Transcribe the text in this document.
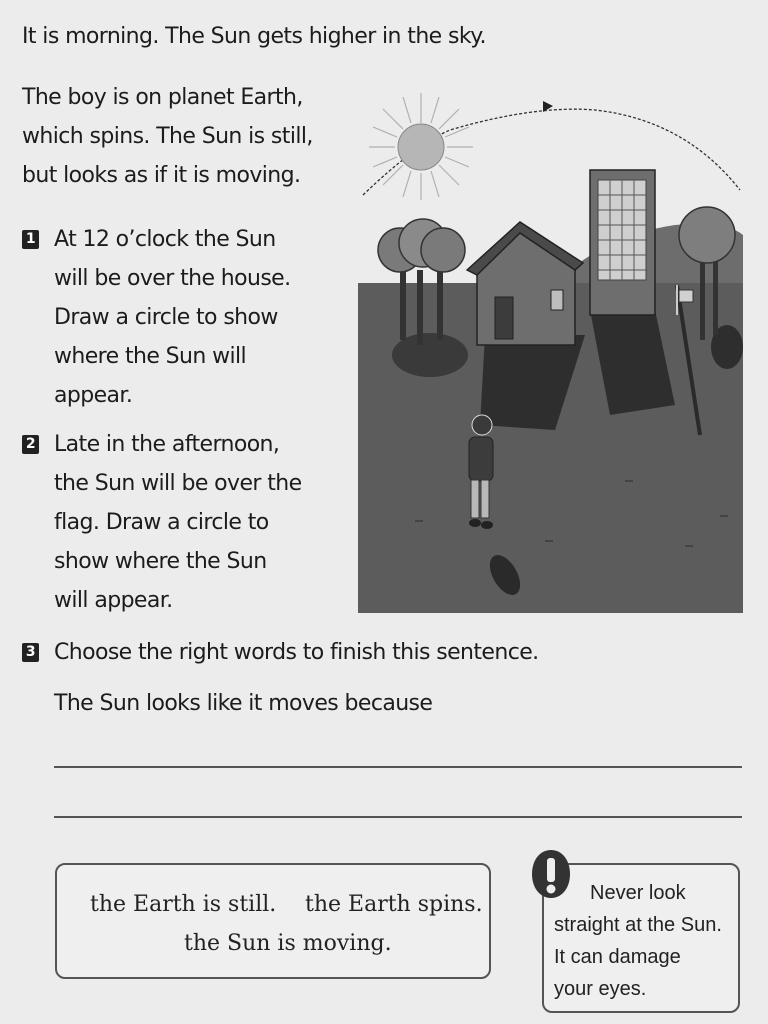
It is morning. The Sun gets higher in the sky.

The boy is on planet Earth,
which spins. The Sun is still,
but looks as if it is moving.
1 At 12 o’clock the Sun
will be over the house.
Draw a circle to show
where the Sun will
appear.
2 Late in the afternoon,
the Sun will be over the
flag. Draw a circle to
show where the Sun
will appear.
3 Choose the right words to finish this sentence.

The Sun looks like it moves because

the Earth is still. the Earth spins.
the Sun is moving.
Never look
straight at the Sun.
It can damage
your eyes.
